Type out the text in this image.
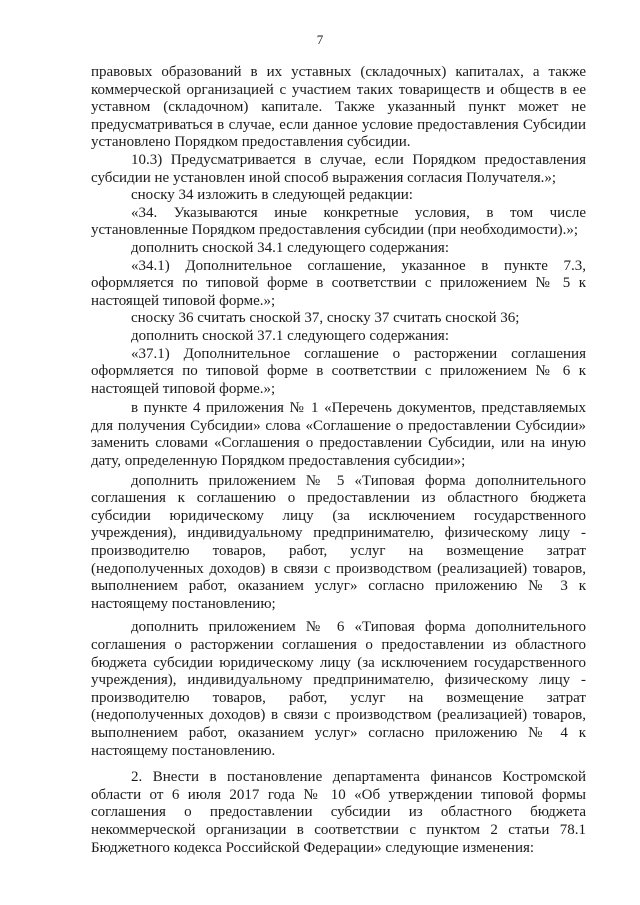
7

правовых образований в их уставных (складочных) капиталах, а также коммерческой организацией с участием таких товариществ и обществ в ее уставном (складочном) капитале. Также указанный пункт может не предусматриваться в случае, если данное условие предоставления Субсидии установлено Порядком предоставления субсидии.

10.3) Предусматривается в случае, если Порядком предоставления субсидии не установлен иной способ выражения согласия Получателя.»;

сноску 34 изложить в следующей редакции:

«34. Указываются иные конкретные условия, в том числе установленные Порядком предоставления субсидии (при необходимости).»;

дополнить сноской 34.1 следующего содержания:

«34.1) Дополнительное соглашение, указанное в пункте 7.3, оформляется по типовой форме в соответствии с приложением № 5 к настоящей типовой форме.»;

сноску 36 считать сноской 37, сноску 37 считать сноской 36;

дополнить сноской 37.1 следующего содержания:

«37.1) Дополнительное соглашение о расторжении соглашения оформляется по типовой форме в соответствии с приложением № 6 к настоящей типовой форме.»;

в пункте 4 приложения № 1 «Перечень документов, представляемых для получения Субсидии» слова «Соглашение о предоставлении Субсидии» заменить словами «Соглашения о предоставлении Субсидии, или на иную дату, определенную Порядком предоставления субсидии»;

дополнить приложением № 5 «Типовая форма дополнительного соглашения к соглашению о предоставлении из областного бюджета субсидии юридическому лицу (за исключением государственного учреждения), индивидуальному предпринимателю, физическому лицу - производителю товаров, работ, услуг на возмещение затрат (недополученных доходов) в связи с производством (реализацией) товаров, выполнением работ, оказанием услуг» согласно приложению № 3 к настоящему постановлению;

дополнить приложением № 6 «Типовая форма дополнительного соглашения о расторжении соглашения о предоставлении из областного бюджета субсидии юридическому лицу (за исключением государственного учреждения), индивидуальному предпринимателю, физическому лицу - производителю товаров, работ, услуг на возмещение затрат (недополученных доходов) в связи с производством (реализацией) товаров, выполнением работ, оказанием услуг» согласно приложению № 4 к настоящему постановлению.

2. Внести в постановление департамента финансов Костромской области от 6 июля 2017 года № 10 «Об утверждении типовой формы соглашения о предоставлении субсидии из областного бюджета некоммерческой организации в соответствии с пунктом 2 статьи 78.1 Бюджетного кодекса Российской Федерации» следующие изменения:
